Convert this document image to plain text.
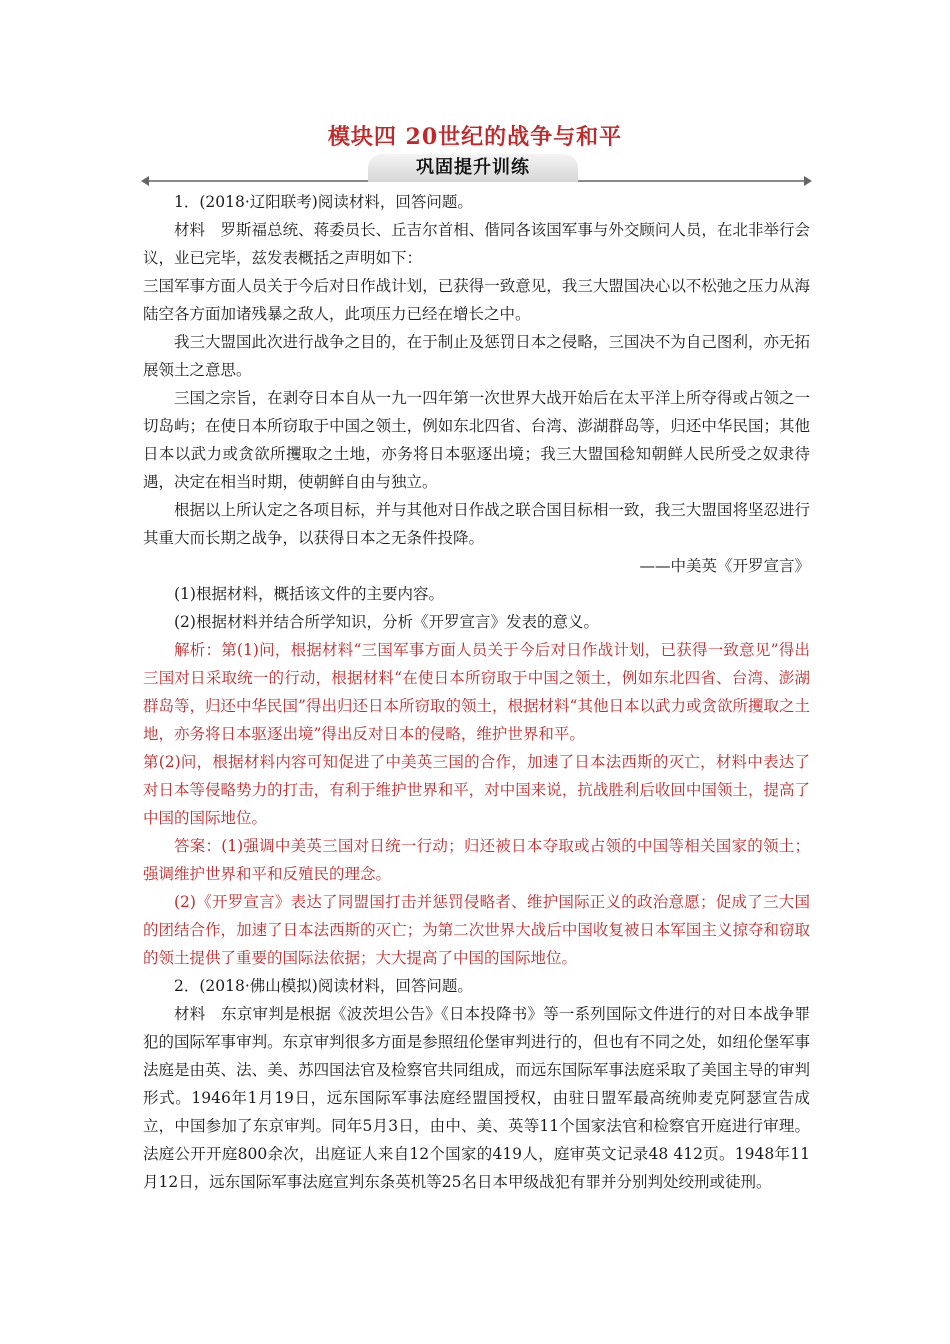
模块四 20世纪的战争与和平
巩固提升训练

1．(2018·辽阳联考)阅读材料，回答问题。

材料　罗斯福总统、蒋委员长、丘吉尔首相、偕同各该国军事与外交顾问人员，在北非举行会议，业已完毕，兹发表概括之声明如下：

三国军事方面人员关于今后对日作战计划，已获得一致意见，我三大盟国决心以不松弛之压力从海陆空各方面加诸残暴之敌人，此项压力已经在增长之中。

我三大盟国此次进行战争之目的，在于制止及惩罚日本之侵略，三国决不为自己图利，亦无拓展领土之意思。

三国之宗旨，在剥夺日本自从一九一四年第一次世界大战开始后在太平洋上所夺得或占领之一切岛屿；在使日本所窃取于中国之领土，例如东北四省、台湾、澎湖群岛等，归还中华民国；其他日本以武力或贪欲所攫取之土地，亦务将日本驱逐出境；我三大盟国稔知朝鲜人民所受之奴隶待遇，决定在相当时期，使朝鲜自由与独立。

根据以上所认定之各项目标，并与其他对日作战之联合国目标相一致，我三大盟国将坚忍进行其重大而长期之战争，以获得日本之无条件投降。

——中美英《开罗宣言》

(1)根据材料，概括该文件的主要内容。

(2)根据材料并结合所学知识，分析《开罗宣言》发表的意义。

解析：第(1)问，根据材料“三国军事方面人员关于今后对日作战计划，已获得一致意见”得出三国对日采取统一的行动，根据材料“在使日本所窃取于中国之领土，例如东北四省、台湾、澎湖群岛等，归还中华民国”得出归还日本所窃取的领土，根据材料“其他日本以武力或贪欲所攫取之土地，亦务将日本驱逐出境”得出反对日本的侵略，维护世界和平。

第(2)问，根据材料内容可知促进了中美英三国的合作，加速了日本法西斯的灭亡，材料中表达了对日本等侵略势力的打击，有利于维护世界和平，对中国来说，抗战胜利后收回中国领土，提高了中国的国际地位。

答案：(1)强调中美英三国对日统一行动；归还被日本夺取或占领的中国等相关国家的领土；强调维护世界和平和反殖民的理念。

(2)《开罗宣言》表达了同盟国打击并惩罚侵略者、维护国际正义的政治意愿；促成了三大国的团结合作，加速了日本法西斯的灭亡；为第二次世界大战后中国收复被日本军国主义掠夺和窃取的领土提供了重要的国际法依据；大大提高了中国的国际地位。

2．(2018·佛山模拟)阅读材料，回答问题。

材料　东京审判是根据《波茨坦公告》《日本投降书》等一系列国际文件进行的对日本战争罪犯的国际军事审判。东京审判很多方面是参照纽伦堡审判进行的，但也有不同之处，如纽伦堡军事法庭是由英、法、美、苏四国法官及检察官共同组成，而远东国际军事法庭采取了美国主导的审判形式。1946年1月19日，远东国际军事法庭经盟国授权，由驻日盟军最高统帅麦克阿瑟宣告成立，中国参加了东京审判。同年5月3日，由中、美、英等11个国家法官和检察官开庭进行审理。法庭公开开庭800余次，出庭证人来自12个国家的419人，庭审英文记录48 412页。1948年11月12日，远东国际军事法庭宣判东条英机等25名日本甲级战犯有罪并分别判处绞刑或徒刑。
